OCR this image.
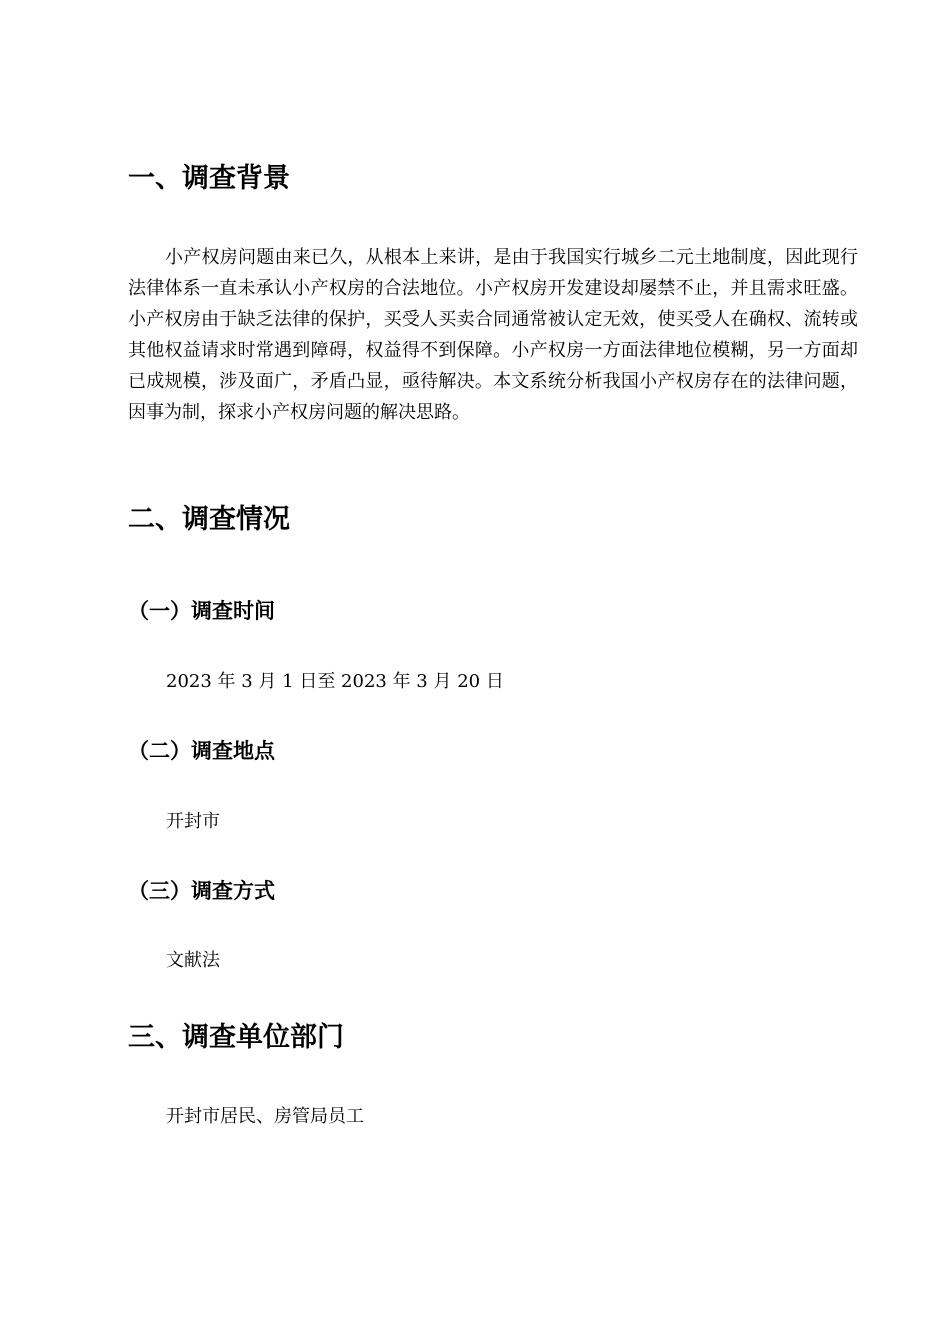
一、调查背景

小产权房问题由来已久，从根本上来讲，是由于我国实行城乡二元土地制度，因此现行法律体系一直未承认小产权房的合法地位。小产权房开发建设却屡禁不止，并且需求旺盛。小产权房由于缺乏法律的保护，买受人买卖合同通常被认定无效，使买受人在确权、流转或其他权益请求时常遇到障碍，权益得不到保障。小产权房一方面法律地位模糊，另一方面却已成规模，涉及面广，矛盾凸显，亟待解决。本文系统分析我国小产权房存在的法律问题，因事为制，探求小产权房问题的解决思路。

二、调查情况
（一）调查时间

2023 年 3 月 1 日至 2023 年 3 月 20 日

（二）调查地点

开封市

（三）调查方式

文献法

三、调查单位部门

开封市居民、房管局员工
